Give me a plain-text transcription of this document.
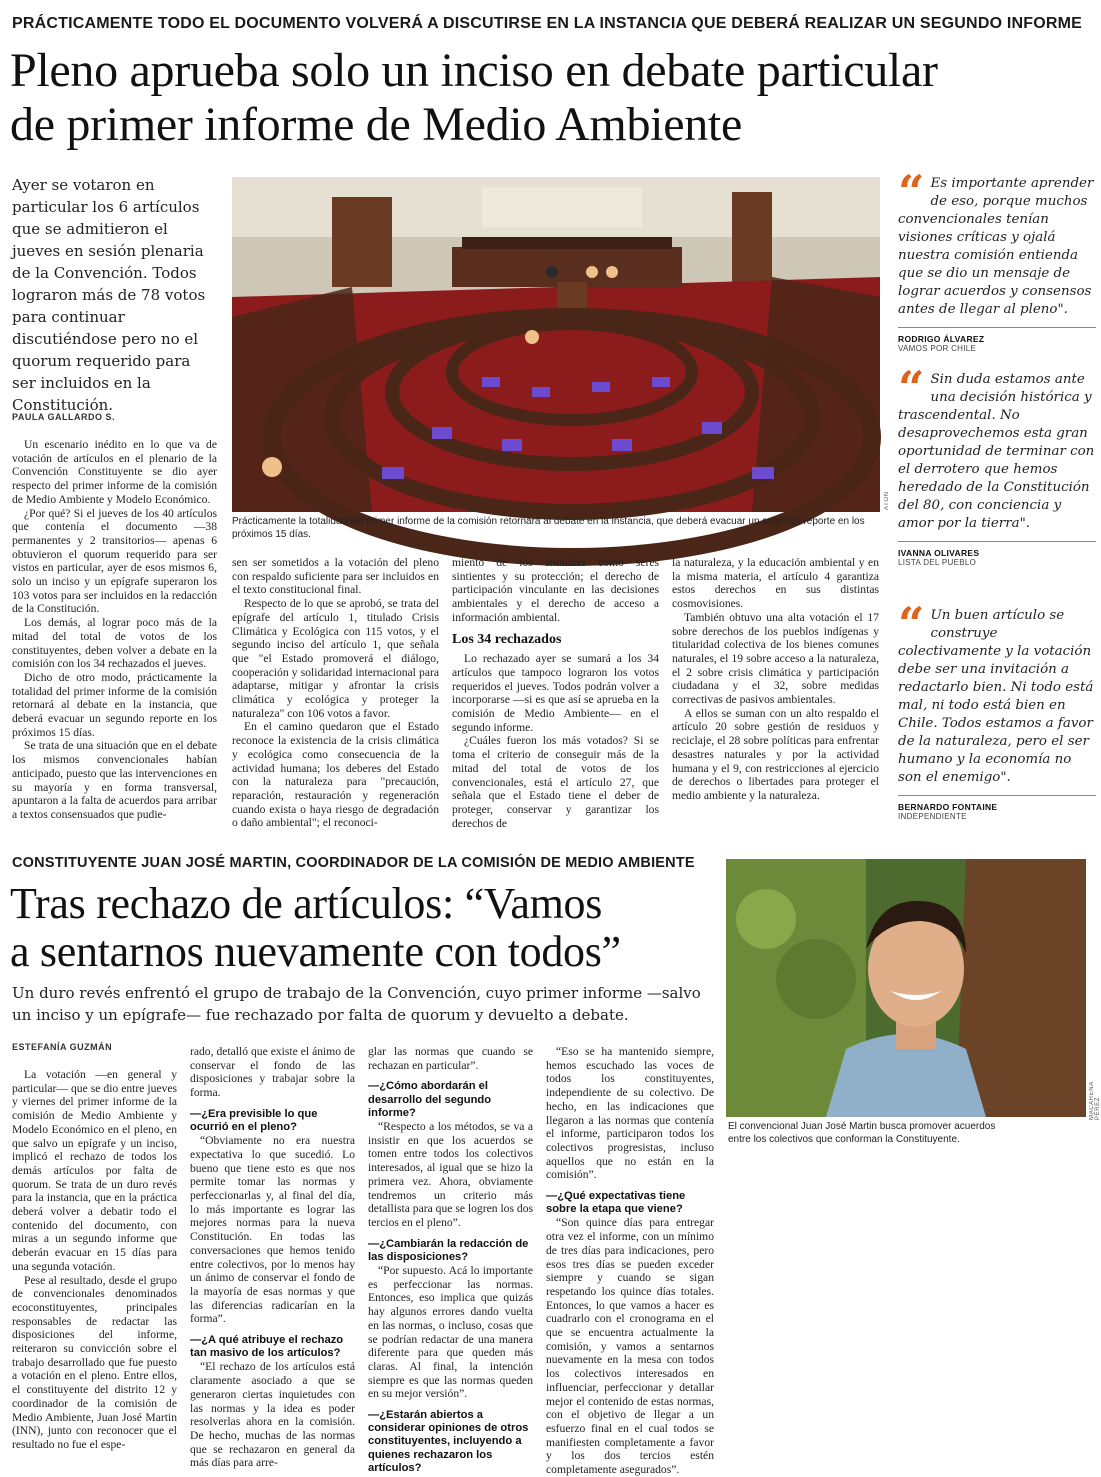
PRÁCTICAMENTE TODO EL DOCUMENTO VOLVERÁ A DISCUTIRSE EN LA INSTANCIA QUE DEBERÁ REALIZAR UN SEGUNDO INFORME
Pleno aprueba solo un inciso en debate particular
de primer informe de Medio Ambiente
Ayer se votaron en particular los 6 artículos que se admitieron el jueves en sesión plenaria de la Convención. Todos lograron más de 78 votos para continuar discutiéndose pero no el quorum requerido para ser incluidos en la Constitución.
PAULA GALLARDO S.
ATON
Prácticamente la totalidad del primer informe de la comisión retornará al debate en la instancia, que deberá evacuar un segundo reporte en los próximos 15 días.

Un escenario inédito en lo que va de votación de artículos en el plenario de la Convención Constituyente se dio ayer respecto del primer informe de la comisión de Medio Ambiente y Modelo Económico.

¿Por qué? Si el jueves de los 40 artículos que contenía el documento —38 permanentes y 2 transitorios— apenas 6 obtuvieron el quorum requerido para ser vistos en particular, ayer de esos mismos 6, solo un inciso y un epígrafe superaron los 103 votos para ser incluidos en la redacción de la Constitución.

Los demás, al lograr poco más de la mitad del total de votos de los constituyentes, deben volver a debate en la comisión con los 34 rechazados el jueves.

Dicho de otro modo, prácticamente la totalidad del primer informe de la comisión retornará al debate en la instancia, que deberá evacuar un segundo reporte en los próximos 15 días.

Se trata de una situación que en el debate los mismos convencionales habían anticipado, puesto que las intervenciones en su mayoría y en forma transversal, apuntaron a la falta de acuerdos para arribar a textos consensuados que pudie-

sen ser sometidos a la votación del pleno con respaldo suficiente para ser incluidos en el texto constitucional final.

Respecto de lo que se aprobó, se trata del epígrafe del artículo 1, titulado Crisis Climática y Ecológica con 115 votos, y el segundo inciso del artículo 1, que señala que "el Estado promoverá el diálogo, cooperación y solidaridad internacional para adaptarse, mitigar y afrontar la crisis climática y ecológica y proteger la naturaleza" con 106 votos a favor.

En el camino quedaron que el Estado reconoce la existencia de la crisis climática y ecológica como consecuencia de la actividad humana; los deberes del Estado con la naturaleza para "precaución, reparación, restauración y regeneración cuando exista o haya riesgo de degradación o daño ambiental"; el reconoci-

miento de los animales como seres sintientes y su protección; el derecho de participación vinculante en las decisiones ambientales y el derecho de acceso a información ambiental.

Los 34 rechazados

Lo rechazado ayer se sumará a los 34 artículos que tampoco lograron los votos requeridos el jueves. Todos podrán volver a incorporarse —si es que así se aprueba en la comisión de Medio Ambiente— en el segundo informe.

¿Cuáles fueron los más votados? Si se toma el criterio de conseguir más de la mitad del total de votos de los convencionales, está el artículo 27, que señala que el Estado tiene el deber de proteger, conservar y garantizar los derechos de

la naturaleza, y la educación ambiental y en la misma materia, el artículo 4 garantiza estos derechos en sus distintas cosmovisiones.

También obtuvo una alta votación el 17 sobre derechos de los pueblos indígenas y titularidad colectiva de los bienes comunes naturales, el 19 sobre acceso a la naturaleza, el 2 sobre crisis climática y participación ciudadana y el 32, sobre medidas correctivas de pasivos ambientales.

A ellos se suman con un alto respaldo el artículo 20 sobre gestión de residuos y reciclaje, el 28 sobre políticas para enfrentar desastres naturales y por la actividad humana y el 9, con restricciones al ejercicio de derechos o libertades para proteger el medio ambiente y la naturaleza.

“ Es importante aprender de eso, porque muchos convencionales tenían visiones críticas y ojalá nuestra comisión entienda que se dio un mensaje de lograr acuerdos y consensos antes de llegar al pleno".
RODRIGO ÁLVAREZ
VAMOS POR CHILE
“ Sin duda estamos ante una decisión histórica y trascendental. No desaprovechemos esta gran oportunidad de terminar con el derrotero que hemos heredado de la Constitución del 80, con conciencia y amor por la tierra".
IVANNA OLIVARES
LISTA DEL PUEBLO
“ Un buen artículo se construye colectivamente y la votación debe ser una invitación a redactarlo bien. Ni todo está mal, ni todo está bien en Chile. Todos estamos a favor de la naturaleza, pero el ser humano y la economía no son el enemigo".
BERNARDO FONTAINE
INDEPENDIENTE
CONSTITUYENTE JUAN JOSÉ MARTIN, COORDINADOR DE LA COMISIÓN DE MEDIO AMBIENTE
Tras rechazo de artículos: “Vamos
a sentarnos nuevamente con todos”
Un duro revés enfrentó el grupo de trabajo de la Convención, cuyo primer informe —salvo un inciso y un epígrafe— fue rechazado por falta de quorum y devuelto a debate.
ESTEFANÍA GUZMÁN
MACARENA PÉREZ
El convencional Juan José Martin busca promover acuerdos entre los colectivos que conforman la Constituyente.

La votación —en general y particular— que se dio entre jueves y viernes del primer informe de la comisión de Medio Ambiente y Modelo Económico en el pleno, en que salvo un epígrafe y un inciso, implicó el rechazo de todos los demás artículos por falta de quorum. Se trata de un duro revés para la instancia, que en la práctica deberá volver a debatir todo el contenido del documento, con miras a un segundo informe que deberán evacuar en 15 días para una segunda votación.

Pese al resultado, desde el grupo de convencionales denominados ecoconstituyentes, principales responsables de redactar las disposiciones del informe, reiteraron su convicción sobre el trabajo desarrollado que fue puesto a votación en el pleno. Entre ellos, el constituyente del distrito 12 y coordinador de la comisión de Medio Ambiente, Juan José Martin (INN), junto con reconocer que el resultado no fue el espe-

rado, detalló que existe el ánimo de conservar el fondo de las disposiciones y trabajar sobre la forma.

—¿Era previsible lo que ocurrió en el pleno?

“Obviamente no era nuestra expectativa lo que sucedió. Lo bueno que tiene esto es que nos permite tomar las normas y perfeccionarlas y, al final del día, lo más importante es lograr las mejores normas para la nueva Constitución. En todas las conversaciones que hemos tenido entre colectivos, por lo menos hay un ánimo de conservar el fondo de la mayoría de esas normas y que las diferencias radicarían en la forma”.

—¿A qué atribuye el rechazo tan masivo de los artículos?

“El rechazo de los artículos está claramente asociado a que se generaron ciertas inquietudes con las normas y la idea es poder resolverlas ahora en la comisión. De hecho, muchas de las normas que se rechazaron en general da más días para arre-

glar las normas que cuando se rechazan en particular”.

—¿Cómo abordarán el desarrollo del segundo informe?

“Respecto a los métodos, se va a insistir en que los acuerdos se tomen entre todos los colectivos interesados, al igual que se hizo la primera vez. Ahora, obviamente tendremos un criterio más detallista para que se logren los dos tercios en el pleno”.

—¿Cambiarán la redacción de las disposiciones?

“Por supuesto. Acá lo importante es perfeccionar las normas. Entonces, eso implica que quizás hay algunos errores dando vuelta en las normas, o incluso, cosas que se podrían redactar de una manera diferente para que queden más claras. Al final, la intención siempre es que las normas queden en su mejor versión”.

—¿Estarán abiertos a considerar opiniones de otros constituyentes, incluyendo a quienes rechazaron los artículos?

“Eso se ha mantenido siempre, hemos escuchado las voces de todos los constituyentes, independiente de su colectivo. De hecho, en las indicaciones que llegaron a las normas que contenía el informe, participaron todos los colectivos progresistas, incluso aquellos que no están en la comisión”.

—¿Qué expectativas tiene sobre la etapa que viene?

“Son quince días para entregar otra vez el informe, con un mínimo de tres días para indicaciones, pero esos tres días se pueden exceder siempre y cuando se sigan respetando los quince días totales. Entonces, lo que vamos a hacer es cuadrarlo con el cronograma en el que se encuentra actualmente la comisión, y vamos a sentarnos nuevamente en la mesa con todos los colectivos interesados en influenciar, perfeccionar y detallar mejor el contenido de estas normas, con el objetivo de llegar a un esfuerzo final en el cual todos se manifiesten completamente a favor y los dos tercios estén completamente asegurados”.
